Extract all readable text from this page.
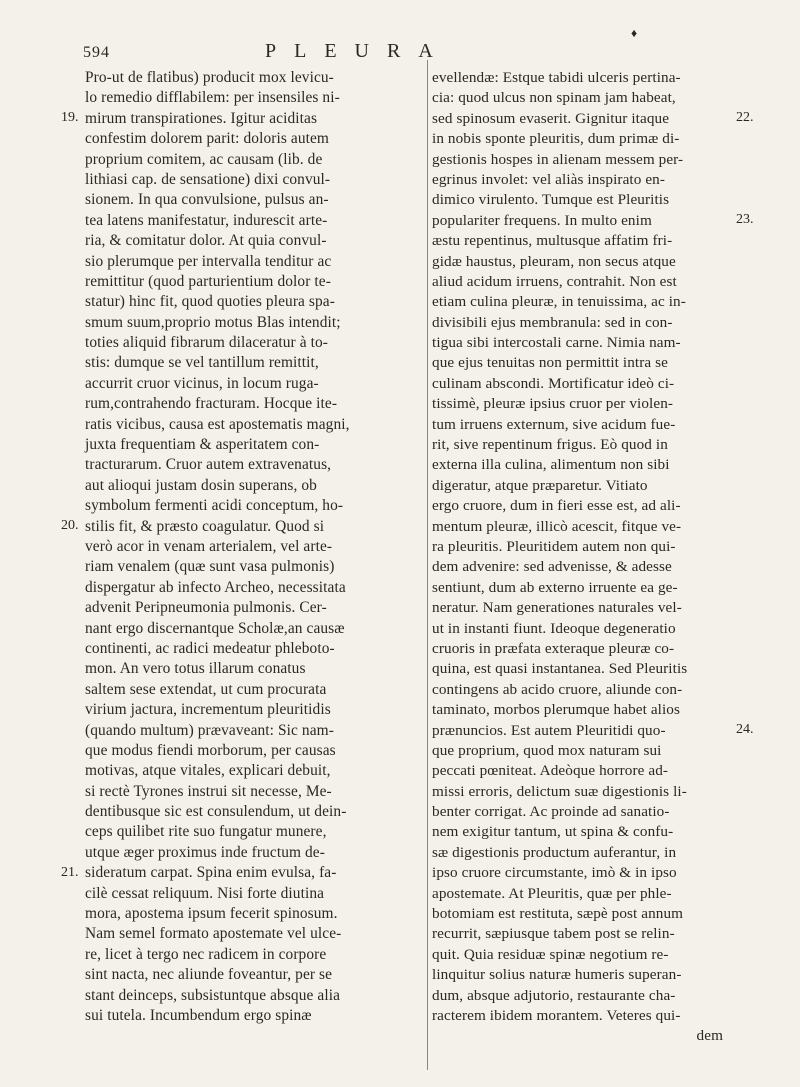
594	PLEURA
♦
Pro-ut de flatibus) producit mox levicu-
lo remedio difflabilem: per insensiles ni-
mirum transpirationes. Igitur aciditas
confestim dolorem parit: doloris autem
proprium comitem, ac causam (lib. de
lithiasi cap. de sensatione) dixi convul-
sionem. In qua convulsione, pulsus an-
tea latens manifestatur, indurescit arte-
ria, & comitatur dolor. At quia convul-
sio plerumque per intervalla tenditur ac
remittitur (quod parturientium dolor te-
statur) hinc fit, quod quoties pleura spa-
smum suum,proprio motus Blas intendit;
toties aliquid fibrarum dilaceratur à to-
stis: dumque se vel tantillum remittit,
accurrit cruor vicinus, in locum ruga-
rum,contrahendo fracturam. Hocque ite-
ratis vicibus, causa est apostematis magni,
juxta frequentiam & asperitatem con-
tracturarum. Cruor autem extravenatus,
aut alioqui justam dosin superans, ob
symbolum fermenti acidi conceptum, ho-
stilis fit, & præsto coagulatur. Quod si
verò acor in venam arterialem, vel arte-
riam venalem (quæ sunt vasa pulmonis)
dispergatur ab infecto Archeo, necessitata
advenit Peripneumonia pulmonis. Cer-
nant ergo discernantque Scholæ,an causæ
continenti, ac radici medeatur phleboto-
mon. An vero totus illarum conatus
saltem sese extendat, ut cum procurata
virium jactura, incrementum pleuritidis
(quando multum) prævaveant: Sic nam-
que modus fiendi morborum, per causas
motivas, atque vitales, explicari debuit,
si rectè Tyrones instrui sit necesse, Me-
dentibusque sic est consulendum, ut dein-
ceps quilibet rite suo fungatur munere,
utque æger proximus inde fructum de-
sideratum carpat. Spina enim evulsa, fa-
cilè cessat reliquum. Nisi forte diutina
mora, apostema ipsum fecerit spinosum.
Nam semel formato apostemate vel ulce-
re, licet à tergo nec radicem in corpore
sint nacta, nec aliunde foveantur, per se
stant deinceps, subsistuntque absque alia
sui tutela. Incumbendum ergo spinæ
evellendæ: Estque tabidi ulceris pertina-
cia: quod ulcus non spinam jam habeat,
sed spinosum evaserit. Gignitur itaque
in nobis sponte pleuritis, dum primæ di-
gestionis hospes in alienam messem per-
egrinus involet: vel aliàs inspirato en-
dimico virulento. Tumque est Pleuritis
populariter frequens. In multo enim
æstu repentinus, multusque affatim fri-
gidæ haustus, pleuram, non secus atque
aliud acidum irruens, contrahit. Non est
etiam culina pleuræ, in tenuissima, ac in-
divisibili ejus membranula: sed in con-
tigua sibi intercostali carne. Nimia nam-
que ejus tenuitas non permittit intra se
culinam abscondi. Mortificatur ideò ci-
tissimè, pleuræ ipsius cruor per violen-
tum irruens externum, sive acidum fue-
rit, sive repentinum frigus. Eò quod in
externa illa culina, alimentum non sibi
digeratur, atque præparetur. Vitiato
ergo cruore, dum in fieri esse est, ad ali-
mentum pleuræ, illicò acescit, fitque ve-
ra pleuritis. Pleuritidem autem non qui-
dem advenire: sed advenisse, & adesse
sentiunt, dum ab externo irruente ea ge-
neratur. Nam generationes naturales vel-
ut in instanti fiunt. Ideoque degeneratio
cruoris in præfata exteraque pleuræ co-
quina, est quasi instantanea. Sed Pleuritis
contingens ab acido cruore, aliunde con-
taminato, morbos plerumque habet alios
prænuncios. Est autem Pleuritidi quo-
que proprium, quod mox naturam sui
peccati pœniteat. Adeòque horrore ad-
missi erroris, delictum suæ digestionis li-
benter corrigat. Ac proinde ad sanatio-
nem exigitur tantum, ut spina & confu-
sæ digestionis productum auferantur, in
ipso cruore circumstante, imò & in ipso
apostemate. At Pleuritis, quæ per phle-
botomiam est restituta, sæpè post annum
recurrit, sæpiusque tabem post se relin-
quit. Quia residuæ spinæ negotium re-
linquitur solius naturæ humeris superan-
dum, absque adjutorio, restaurante cha-
racterem ibidem morantem. Veteres qui-
dem
19.
20.
21.
22.
23.
24.
